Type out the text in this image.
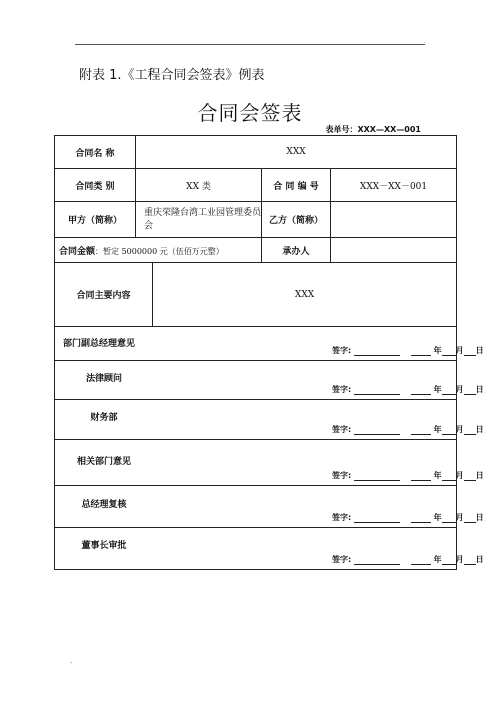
.
附表 1.《工程合同会签表》例表
合同会签表
表单号：XXX—XX—001
合同名 称	XXX			
合同类 别	XX 类		合 同 编 号	XXX－XX－001
甲方（简称）	重庆荣隆台湾工业园管理委员会		乙方（简称）	
合同金额：暂定 5000000 元（伍佰万元整）			承办人	
合同主要内容		XXX		

部门副总经理意见
签字: 年 月 日				

法律顾问
签字: 年 月 日				

财务部
签字: 年 月 日				

相关部门意见
签字: 年 月 日				

总经理复核
签字: 年 月 日				

董事长审批
签字: 年 月 日				
.
